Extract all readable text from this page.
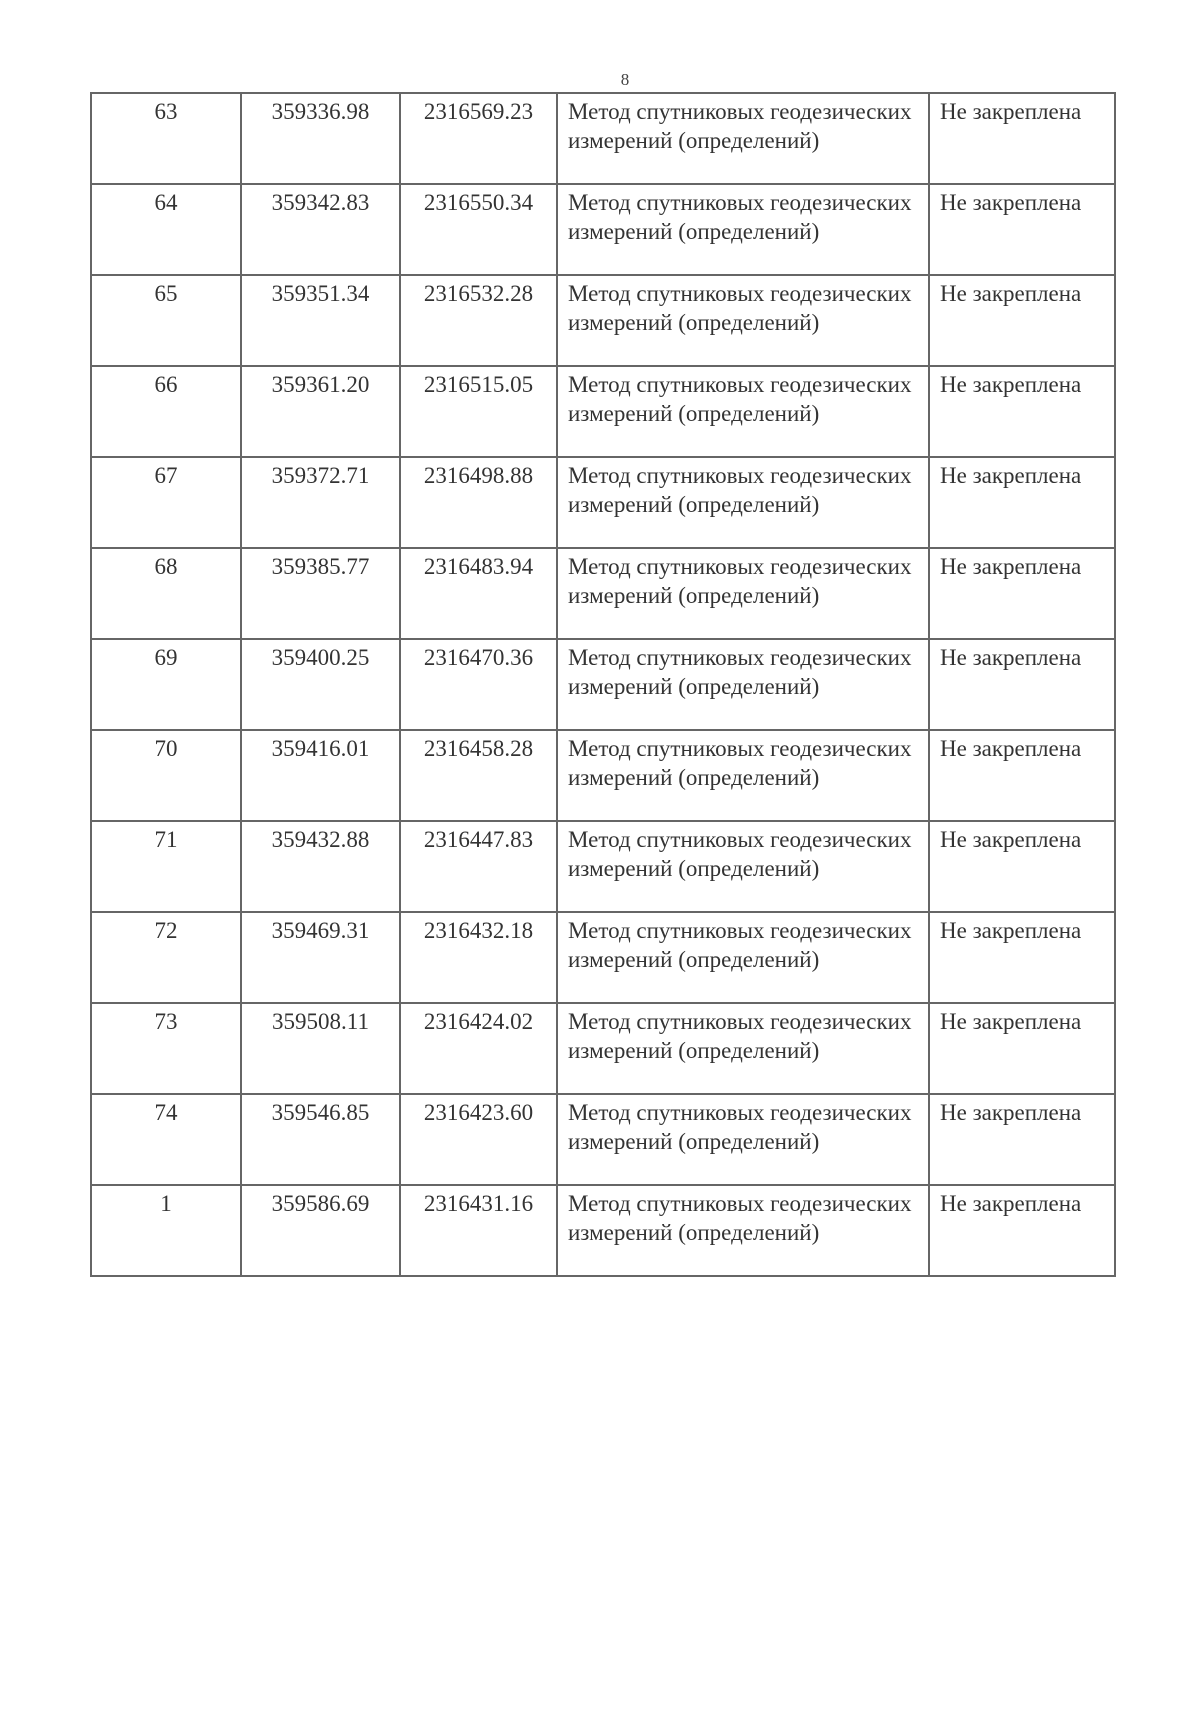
8
63	359336.98	2316569.23	Метод спутниковых геодезических измерений (определений)	Не закреплена
64	359342.83	2316550.34	Метод спутниковых геодезических измерений (определений)	Не закреплена
65	359351.34	2316532.28	Метод спутниковых геодезических измерений (определений)	Не закреплена
66	359361.20	2316515.05	Метод спутниковых геодезических измерений (определений)	Не закреплена
67	359372.71	2316498.88	Метод спутниковых геодезических измерений (определений)	Не закреплена
68	359385.77	2316483.94	Метод спутниковых геодезических измерений (определений)	Не закреплена
69	359400.25	2316470.36	Метод спутниковых геодезических измерений (определений)	Не закреплена
70	359416.01	2316458.28	Метод спутниковых геодезических измерений (определений)	Не закреплена
71	359432.88	2316447.83	Метод спутниковых геодезических измерений (определений)	Не закреплена
72	359469.31	2316432.18	Метод спутниковых геодезических измерений (определений)	Не закреплена
73	359508.11	2316424.02	Метод спутниковых геодезических измерений (определений)	Не закреплена
74	359546.85	2316423.60	Метод спутниковых геодезических измерений (определений)	Не закреплена
1	359586.69	2316431.16	Метод спутниковых геодезических измерений (определений)	Не закреплена
